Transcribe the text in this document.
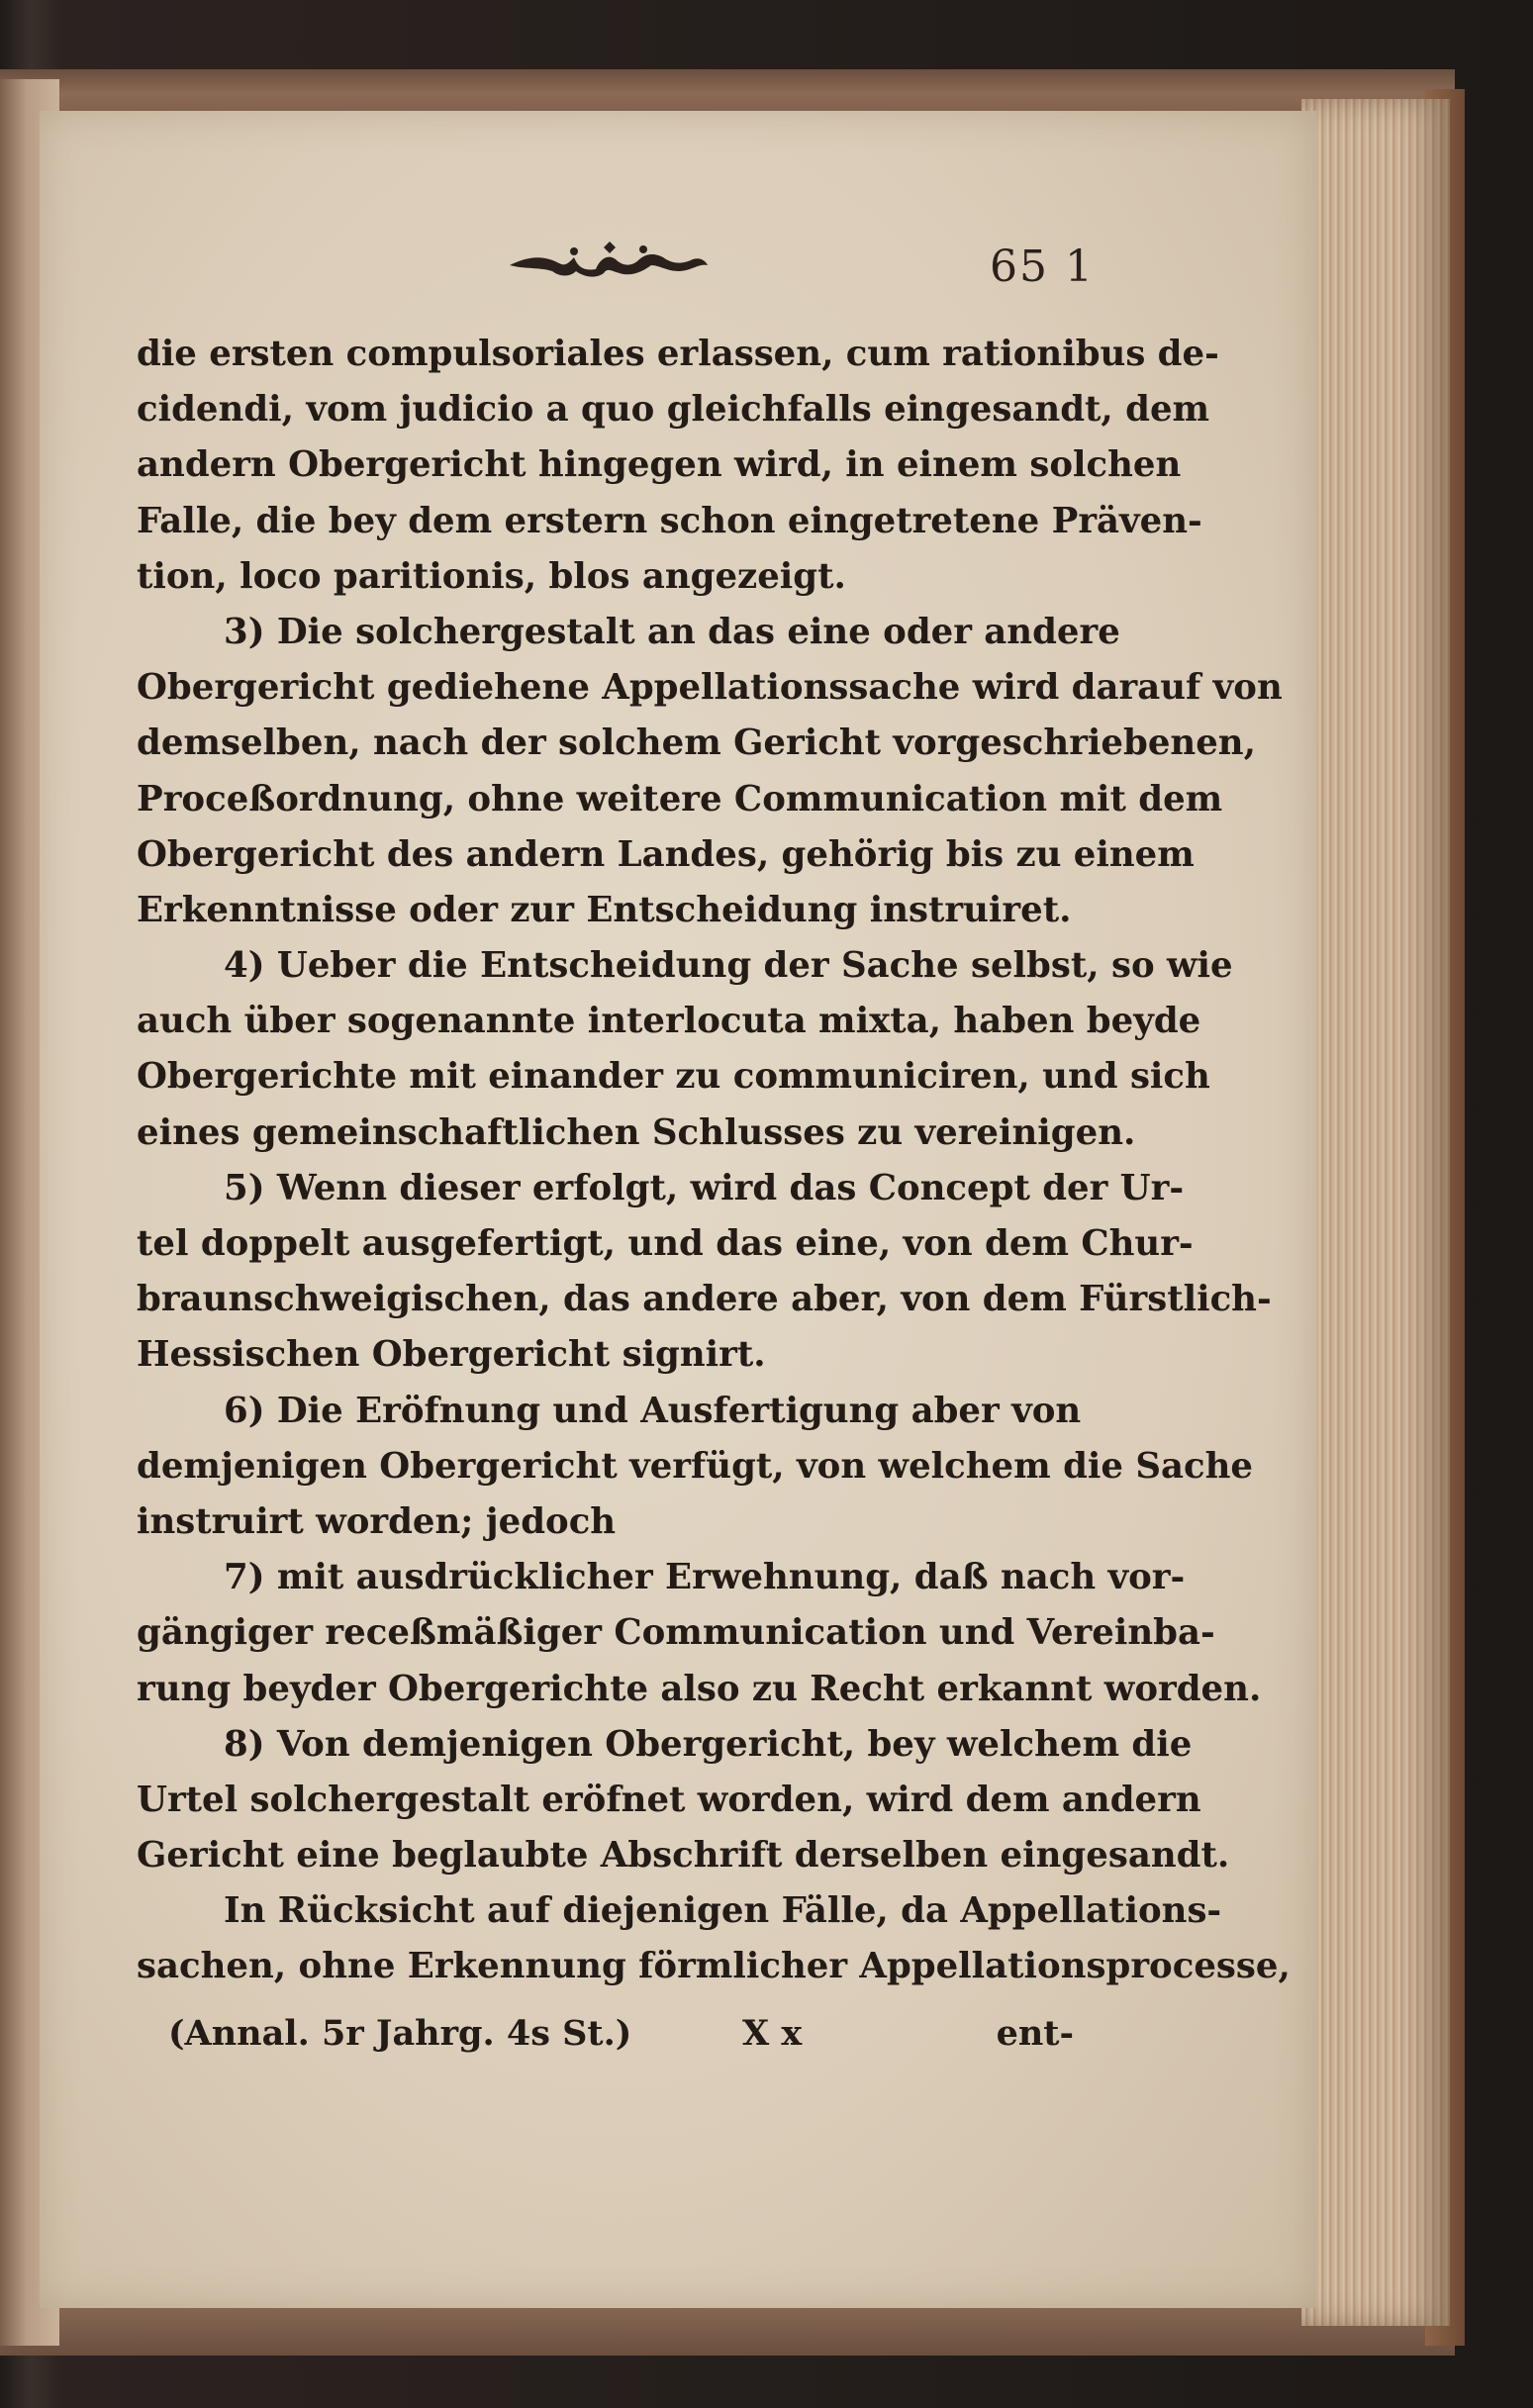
65 1
die ersten compulsoriales erlassen, cum rationibus de-
cidendi, vom judicio a quo gleichfalls eingesandt, dem
andern Obergericht hingegen wird, in einem solchen
Falle, die bey dem erstern schon eingetretene Präven-
tion, loco paritionis, blos angezeigt.
3) Die solchergestalt an das eine oder andere
Obergericht gediehene Appellationssache wird darauf von
demselben, nach der solchem Gericht vorgeschriebenen,
Proceßordnung, ohne weitere Communication mit dem
Obergericht des andern Landes, gehörig bis zu einem
Erkenntnisse oder zur Entscheidung instruiret.
4) Ueber die Entscheidung der Sache selbst, so wie
auch über sogenannte interlocuta mixta, haben beyde
Obergerichte mit einander zu communiciren, und sich
eines gemeinschaftlichen Schlusses zu vereinigen.
5) Wenn dieser erfolgt, wird das Concept der Ur-
tel doppelt ausgefertigt, und das eine, von dem Chur-
braunschweigischen, das andere aber, von dem Fürstlich-
Hessischen Obergericht signirt.
6) Die Eröfnung und Ausfertigung aber von
demjenigen Obergericht verfügt, von welchem die Sache
instruirt worden; jedoch
7) mit ausdrücklicher Erwehnung, daß nach vor-
gängiger receßmäßiger Communication und Vereinba-
rung beyder Obergerichte also zu Recht erkannt worden.
8) Von demjenigen Obergericht, bey welchem die
Urtel solchergestalt eröfnet worden, wird dem andern
Gericht eine beglaubte Abschrift derselben eingesandt.
In Rücksicht auf diejenigen Fälle, da Appellations-
sachen, ohne Erkennung förmlicher Appellationsprocesse,
(Annal. 5r Jahrg. 4s St.)	X x	ent-
